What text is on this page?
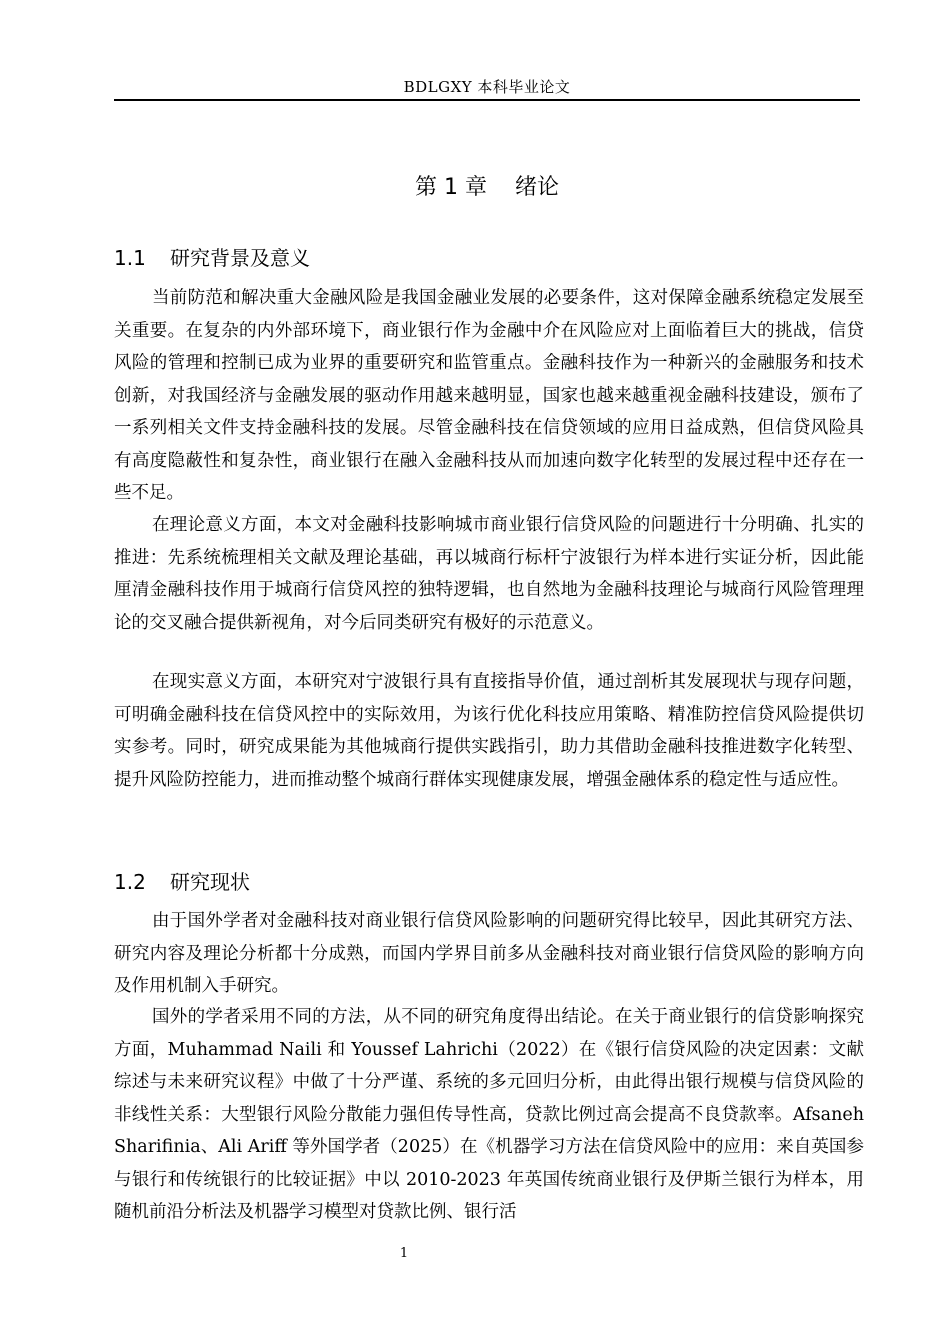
BDLGXY 本科毕业论文
第 1 章 绪论
1.1 研究背景及意义

当前防范和解决重大金融风险是我国金融业发展的必要条件，这对保障金融系统稳定发展至关重要。在复杂的内外部环境下，商业银行作为金融中介在风险应对上面临着巨大的挑战，信贷风险的管理和控制已成为业界的重要研究和监管重点。金融科技作为一种新兴的金融服务和技术创新，对我国经济与金融发展的驱动作用越来越明显，国家也越来越重视金融科技建设，颁布了一系列相关文件支持金融科技的发展。尽管金融科技在信贷领域的应用日益成熟，但信贷风险具有高度隐蔽性和复杂性，商业银行在融入金融科技从而加速向数字化转型的发展过程中还存在一些不足。

在理论意义方面，本文对金融科技影响城市商业银行信贷风险的问题进行十分明确、扎实的推进：先系统梳理相关文献及理论基础，再以城商行标杆宁波银行为样本进行实证分析，因此能厘清金融科技作用于城商行信贷风控的独特逻辑，也自然地为金融科技理论与城商行风险管理理论的交叉融合提供新视角，对今后同类研究有极好的示范意义。

在现实意义方面，本研究对宁波银行具有直接指导价值，通过剖析其发展现状与现存问题，可明确金融科技在信贷风控中的实际效用，为该行优化科技应用策略、精准防控信贷风险提供切实参考。同时，研究成果能为其他城商行提供实践指引，助力其借助金融科技推进数字化转型、提升风险防控能力，进而推动整个城商行群体实现健康发展，增强金融体系的稳定性与适应性。

1.2 研究现状

由于国外学者对金融科技对商业银行信贷风险影响的问题研究得比较早，因此其研究方法、研究内容及理论分析都十分成熟，而国内学界目前多从金融科技对商业银行信贷风险的影响方向及作用机制入手研究。

国外的学者采用不同的方法，从不同的研究角度得出结论。在关于商业银行的信贷影响探究方面，Muhammad Naili 和 Youssef Lahrichi（2022）在《银行信贷风险的决定因素：文献综述与未来研究议程》中做了十分严谨、系统的多元回归分析，由此得出银行规模与信贷风险的非线性关系：大型银行风险分散能力强但传导性高，贷款比例过高会提高不良贷款率。Afsaneh Sharifinia、Ali Ariff 等外国学者（2025）在《机器学习方法在信贷风险中的应用：来自英国参与银行和传统银行的比较证据》中以 2010-2023 年英国传统商业银行及伊斯兰银行为样本，用随机前沿分析法及机器学习模型对贷款比例、银行活

1
